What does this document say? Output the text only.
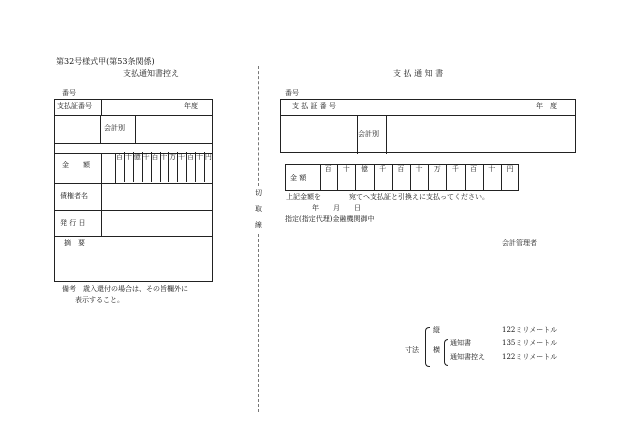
第32号様式甲(第53条関係)
支払通知書控え	支 払 通 知 書
番号
支払証番号	年度
会計別
金　　額
百 十 億 千 百 十 万 千 百 十 円
債権者名
発 行 日
摘　要
備考　歳入還付の場合は、その旨欄外に
表示すること。
切
取
線
番号
支 払 証 番 号	年　度
会計別
金 額
百	十	億	千	百	十	万	千	百	十	円
上記金額を　　　　宛てへ支払証と引換えに支払ってください。
年　　月　　日
指定(指定代理)金融機関御中
会計管理者
寸法
縦	122ミリメートル
横
通知書	135ミリメートル
通知書控え 122ミリメートル
